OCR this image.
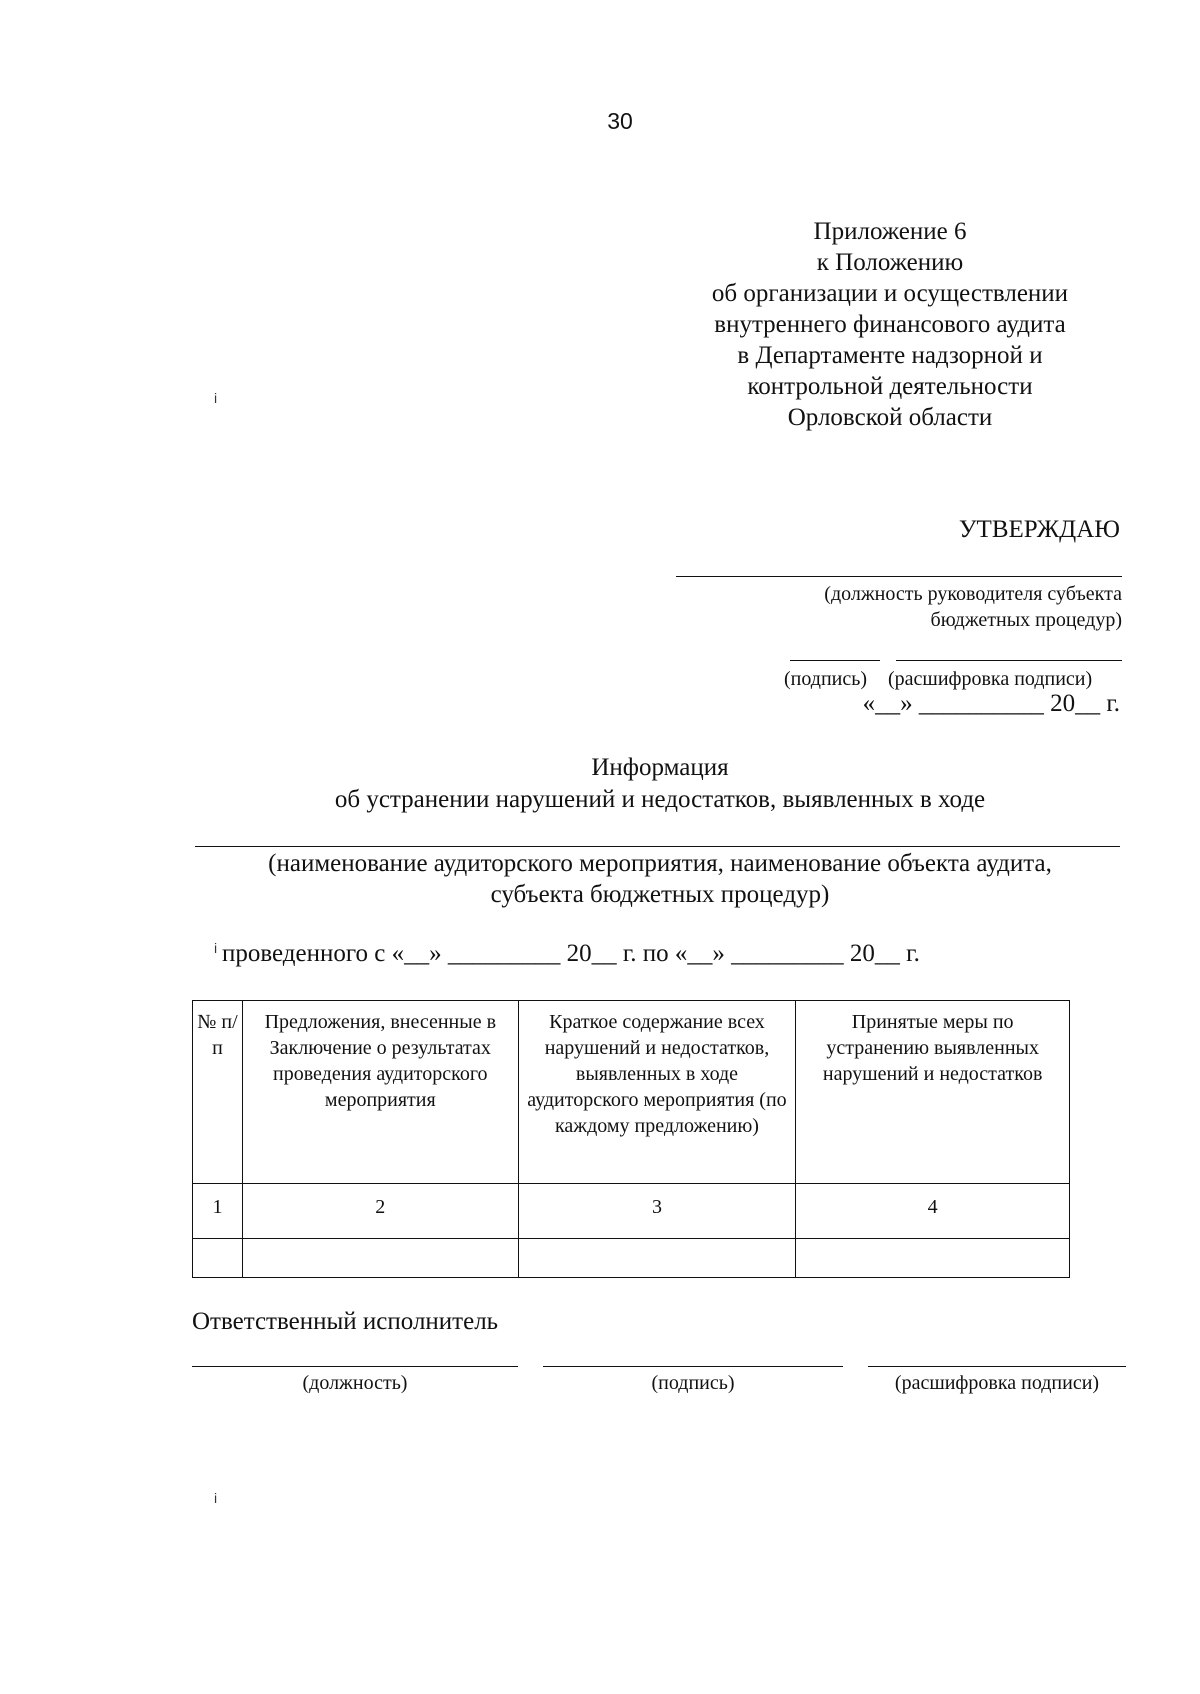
30
Приложение 6
к Положению
об организации и осуществлении
внутреннего финансового аудита
в Департаменте надзорной и
контрольной деятельности
Орловской области
УТВЕРЖДАЮ
(должность руководителя субъекта
бюджетных процедур)
(подпись) (расшифровка подписи)
«__» __________ 20__ г.
Информация
об устранении нарушений и недостатков, выявленных в ходе
(наименование аудиторского мероприятия, наименование объекта аудита,
субъекта бюджетных процедур)
проведенного с «__» _________ 20__ г. по «__» _________ 20__ г.
№ п/п	Предложения, внесенные в Заключение о результатах проведения аудиторского мероприятия	Краткое содержание всех нарушений и недостатков, выявленных в ходе аудиторского мероприятия (по каждому предложению)	Принятые меры по устранению выявленных нарушений и недостатков
1	2	3	4

Ответственный исполнитель
(должность)	(подпись)	(расшифровка подписи)
i
i
i
